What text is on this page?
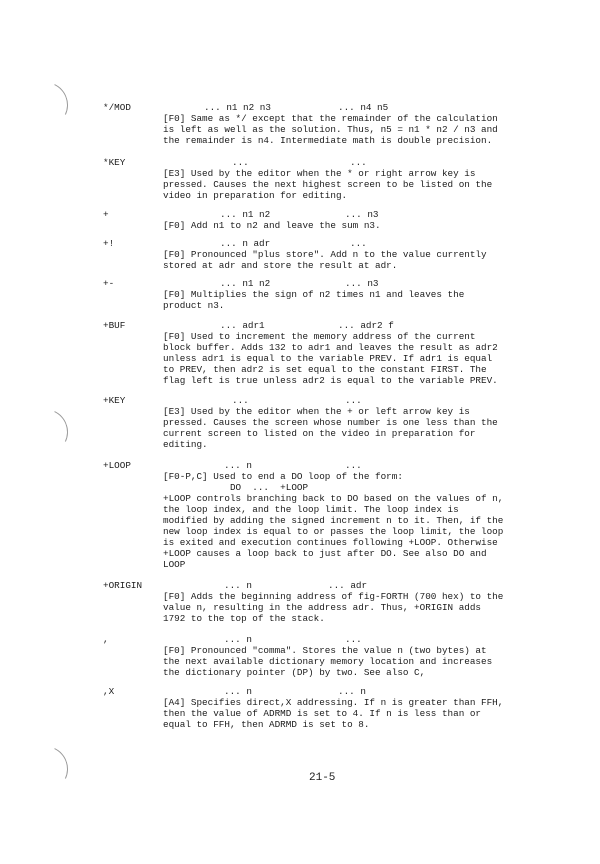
*/MOD	... n1 n2 n3	... n4 n5
[F0] Same as */ except that the remainder of the calculation
is left as well as the solution. Thus, n5 = n1 * n2 / n3 and
the remainder is n4. Intermediate math is double precision.
*KEY	...	...
[E3] Used by the editor when the * or right arrow key is
pressed. Causes the next highest screen to be listed on the
video in preparation for editing.
+	... n1 n2	... n3
[F0] Add n1 to n2 and leave the sum n3.
+!	... n adr	...
[F0] Pronounced "plus store". Add n to the value currently
stored at adr and store the result at adr.
+-	... n1 n2	... n3
[F0] Multiplies the sign of n2 times n1 and leaves the
product n3.
+BUF	... adr1	... adr2 f
[F0] Used to increment the memory address of the current
block buffer. Adds 132 to adr1 and leaves the result as adr2
unless adr1 is equal to the variable PREV. If adr1 is equal
to PREV, then adr2 is set equal to the constant FIRST. The
flag left is true unless adr2 is equal to the variable PREV.
+KEY	...	...
[E3] Used by the editor when the + or left arrow key is
pressed. Causes the screen whose number is one less than the
current screen to listed on the video in preparation for
editing.
+LOOP	... n	...
[F0-P,C] Used to end a DO loop of the form:
DO  ...  +LOOP
+LOOP controls branching back to DO based on the values of n,
the loop index, and the loop limit. The loop index is
modified by adding the signed increment n to it. Then, if the
new loop index is equal to or passes the loop limit, the loop
is exited and execution continues following +LOOP. Otherwise
+LOOP causes a loop back to just after DO. See also DO and
LOOP
+ORIGIN	... n	... adr
[F0] Adds the beginning address of fig-FORTH (700 hex) to the
value n, resulting in the address adr. Thus, +ORIGIN adds
1792 to the top of the stack.
,	... n	...
[F0] Pronounced "comma". Stores the value n (two bytes) at
the next available dictionary memory location and increases
the dictionary pointer (DP) by two. See also C,
,X	... n	... n
[A4] Specifies direct,X addressing. If n is greater than FFH,
then the value of ADRMD is set to 4. If n is less than or
equal to FFH, then ADRMD is set to 8.
21-5
